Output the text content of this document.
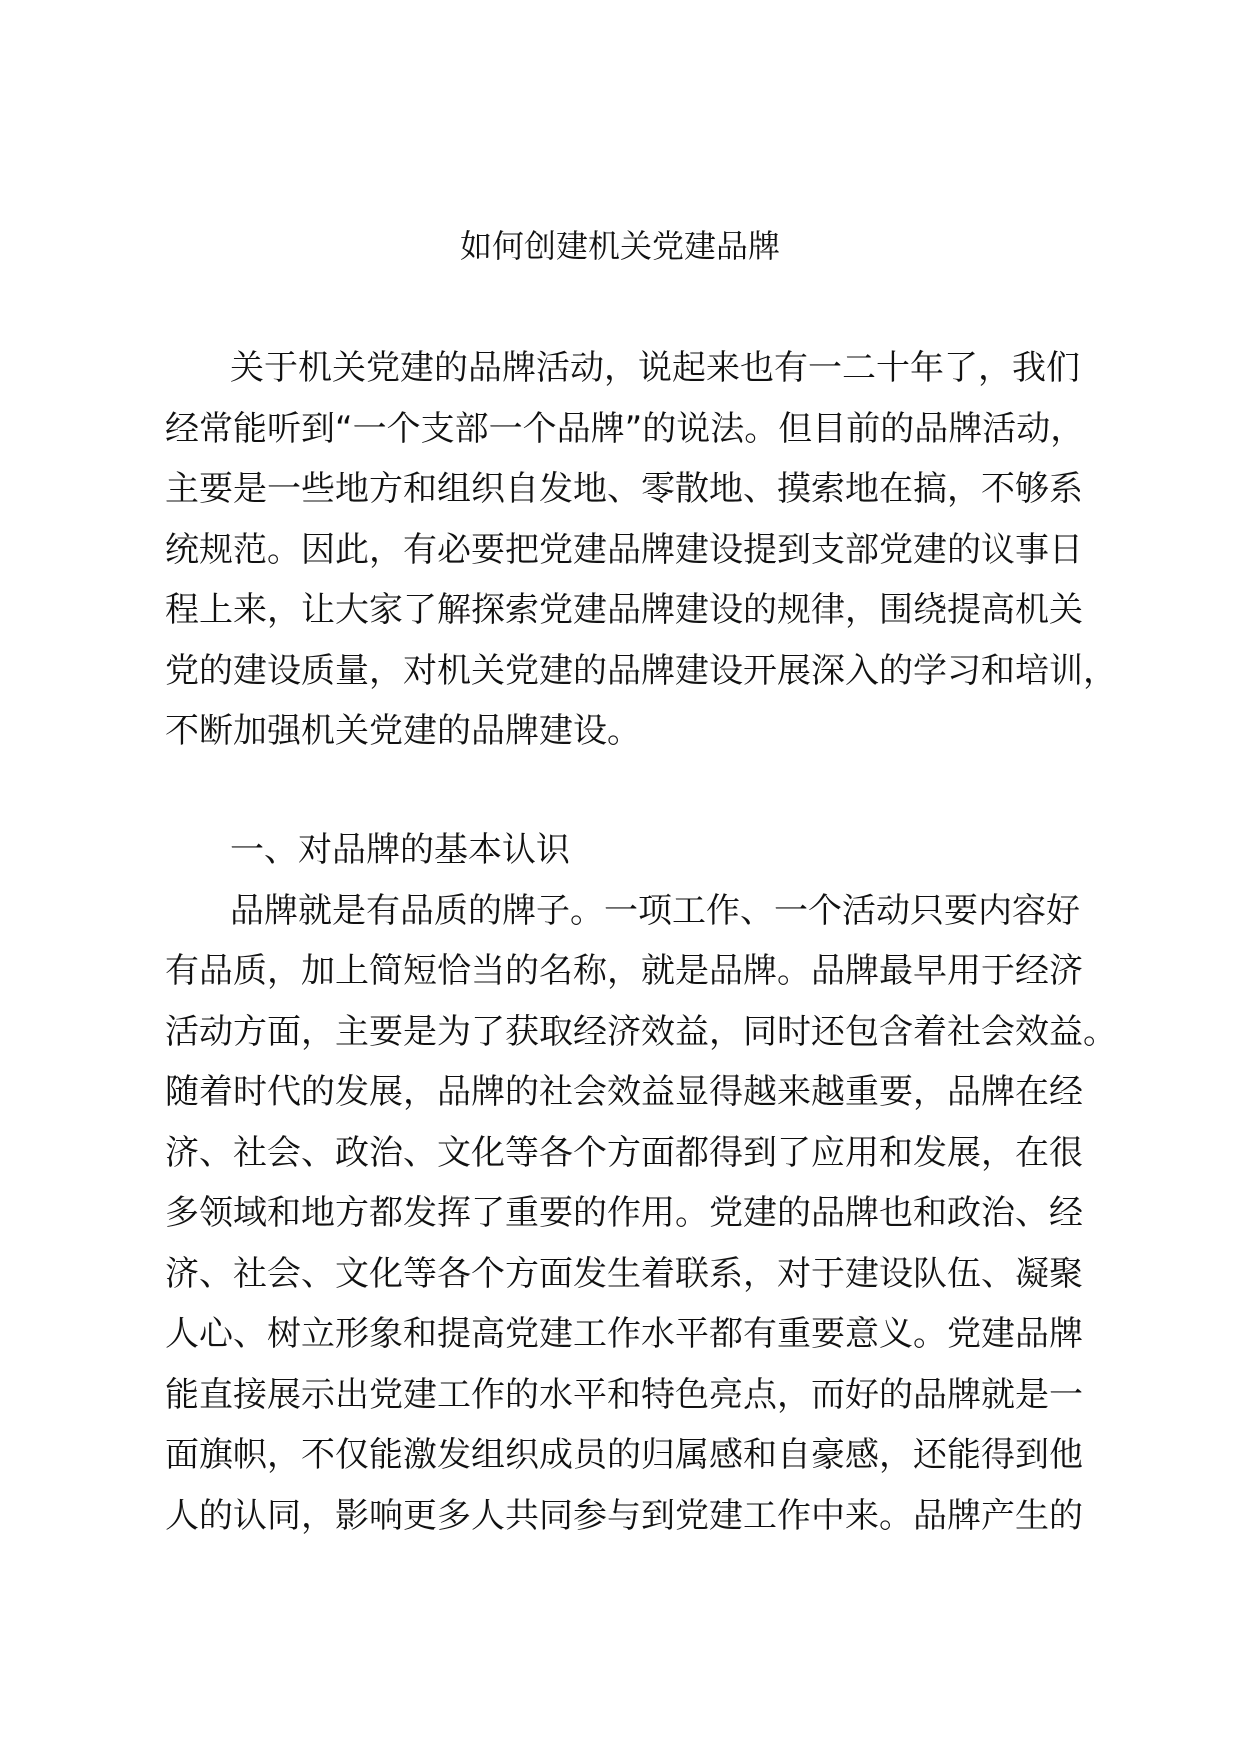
如何创建机关党建品牌
关于机关党建的品牌活动，说起来也有一二十年了，我们
经常能听到“一个支部一个品牌”的说法。但目前的品牌活动，
主要是一些地方和组织自发地、零散地、摸索地在搞，不够系
统规范。因此，有必要把党建品牌建设提到支部党建的议事日
程上来，让大家了解探索党建品牌建设的规律，围绕提高机关
党的建设质量，对机关党建的品牌建设开展深入的学习和培训，
不断加强机关党建的品牌建设。
一、对品牌的基本认识
品牌就是有品质的牌子。一项工作、一个活动只要内容好
有品质，加上简短恰当的名称，就是品牌。品牌最早用于经济
活动方面，主要是为了获取经济效益，同时还包含着社会效益。
随着时代的发展，品牌的社会效益显得越来越重要，品牌在经
济、社会、政治、文化等各个方面都得到了应用和发展，在很
多领域和地方都发挥了重要的作用。党建的品牌也和政治、经
济、社会、文化等各个方面发生着联系，对于建设队伍、凝聚
人心、树立形象和提高党建工作水平都有重要意义。党建品牌
能直接展示出党建工作的水平和特色亮点，而好的品牌就是一
面旗帜，不仅能激发组织成员的归属感和自豪感，还能得到他
人的认同，影响更多人共同参与到党建工作中来。品牌产生的
